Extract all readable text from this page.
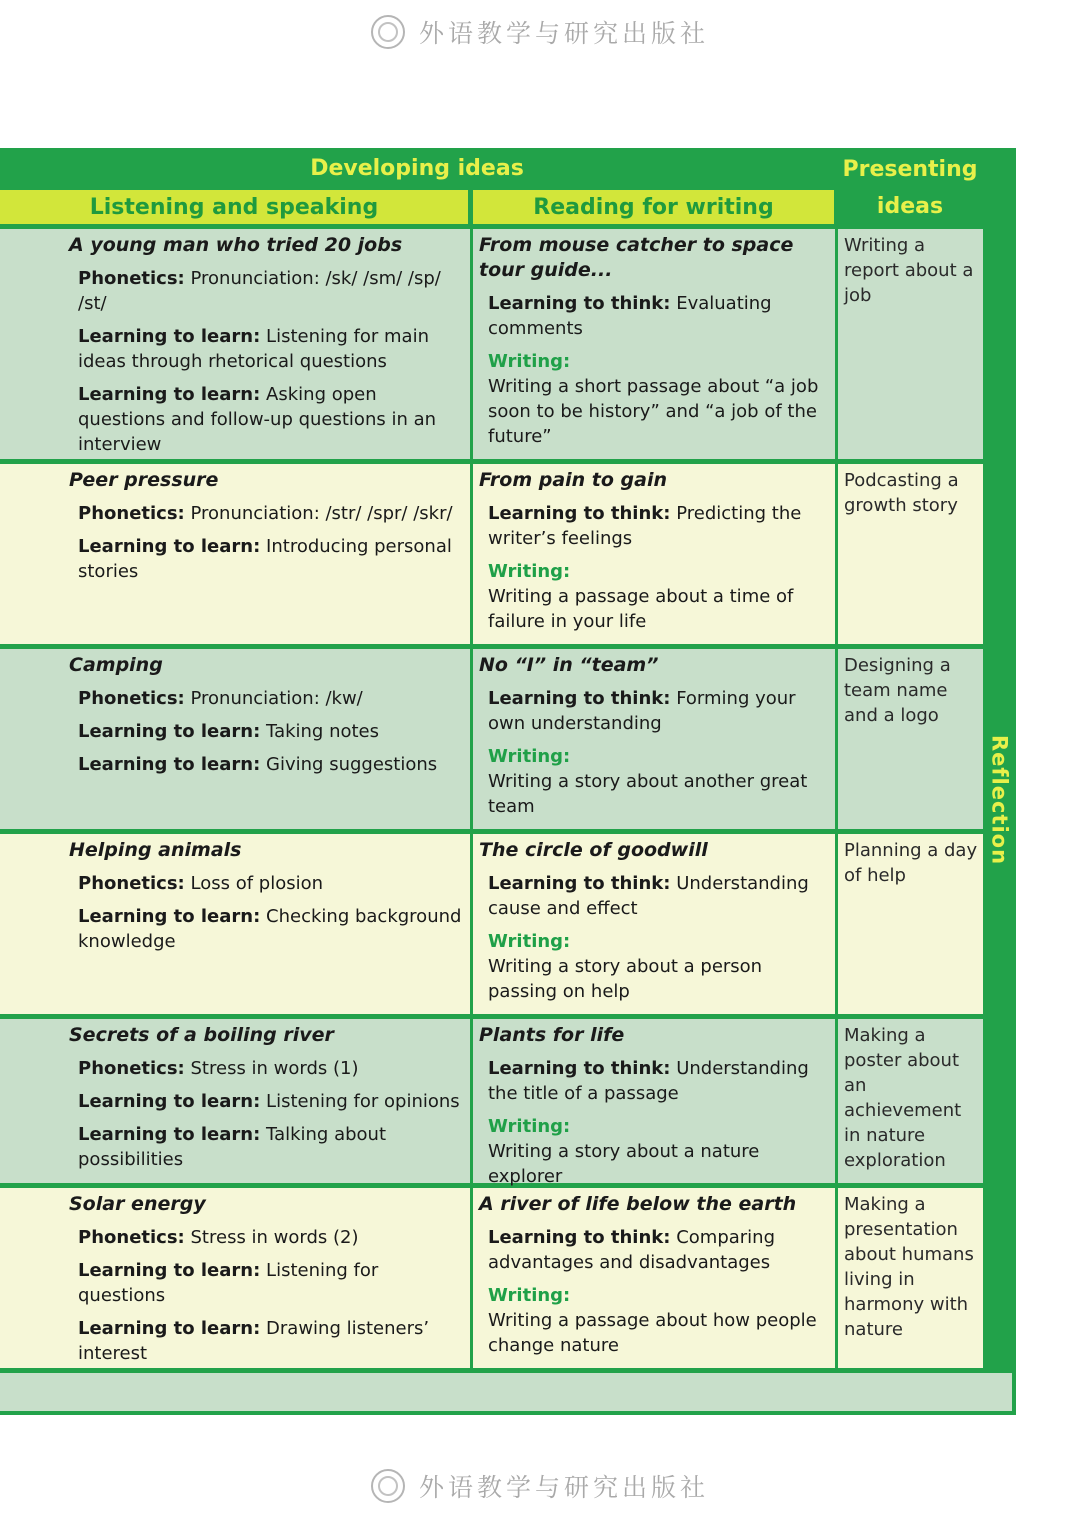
外语教学与研究出版社
Developing ideas
Listening and speaking	Reading for writing
Presenting
ideas
Reflection
A young man who tried 20 jobs
Phonetics: Pronunciation: /sk/ /sm/ /sp/ /st/
Learning to learn: Listening for main ideas through rhetorical questions
Learning to learn: Asking open questions and follow-up questions in an interview
From mouse catcher to space tour guide...
Learning to think: Evaluating comments
Writing:
Writing a short passage about “a job soon to be history” and “a job of the future”
Writing a report about a job
Peer pressure
Phonetics: Pronunciation: /str/ /spr/ /skr/
Learning to learn: Introducing personal stories
From pain to gain
Learning to think: Predicting the writer’s feelings
Writing:
Writing a passage about a time of failure in your life
Podcasting a growth story
Camping
Phonetics: Pronunciation: /kw/
Learning to learn: Taking notes
Learning to learn: Giving suggestions
No “I” in “team”
Learning to think: Forming your own understanding
Writing:
Writing a story about another great team
Designing a team name and a logo
Helping animals
Phonetics: Loss of plosion
Learning to learn: Checking background knowledge
The circle of goodwill
Learning to think: Understanding cause and effect
Writing:
Writing a story about a person passing on help
Planning a day of help
Secrets of a boiling river
Phonetics: Stress in words (1)
Learning to learn: Listening for opinions
Learning to learn: Talking about possibilities
Plants for life
Learning to think: Understanding the title of a passage
Writing:
Writing a story about a nature explorer
Making a poster about an achievement in nature exploration
Solar energy
Phonetics: Stress in words (2)
Learning to learn: Listening for questions
Learning to learn: Drawing listeners’ interest
A river of life below the earth
Learning to think: Comparing advantages and disadvantages
Writing:
Writing a passage about how people change nature
Making a presentation about humans living in harmony with nature
外语教学与研究出版社
